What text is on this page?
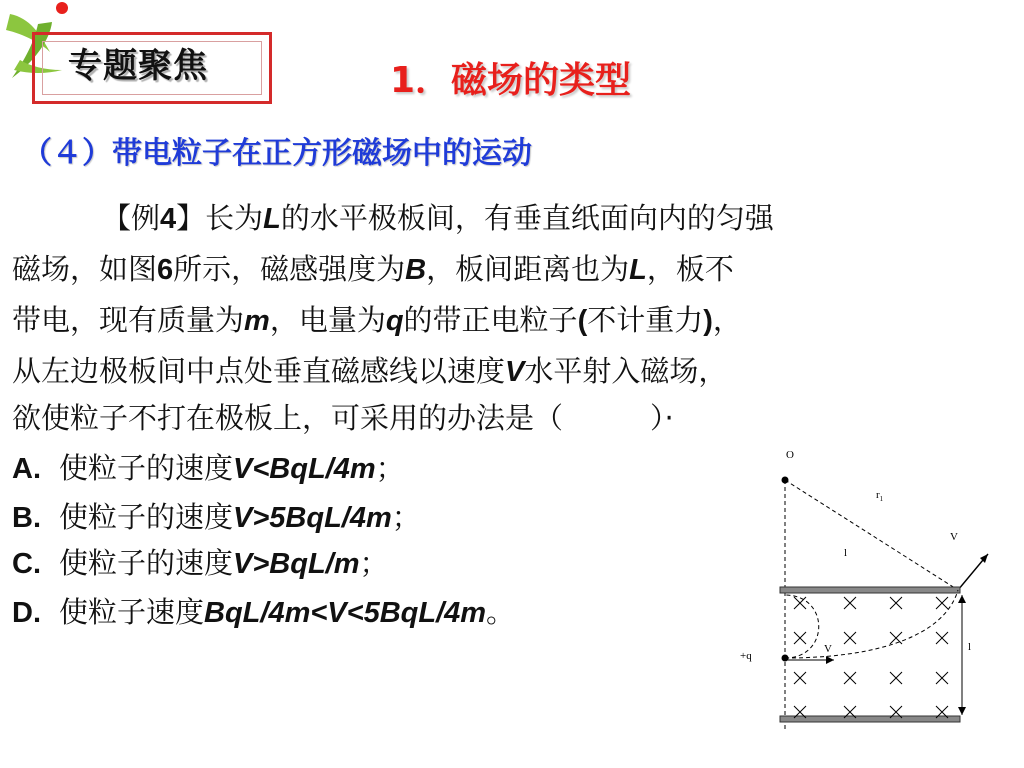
专题聚焦	1．磁场的类型
（４）带电粒子在正方形磁场中的运动
【例4】长为L的水平极板间，有垂直纸面向内的匀强
磁场，如图6所示，磁感强度为B，板间距离也为L，板不
带电，现有质量为m，电量为q的带正电粒子(不计重力)，
从左边极板间中点处垂直磁感线以速度V水平射入磁场，
欲使粒子不打在极板上，可采用的办法是（　　　）·
A. 使粒子的速度V<BqL/4m；
B. 使粒子的速度V>5BqL/4m；
C. 使粒子的速度V>BqL/m；
D. 使粒子速度BqL/4m<V<5BqL/4m。
O
$r_1$
l
V
+q
V	l
